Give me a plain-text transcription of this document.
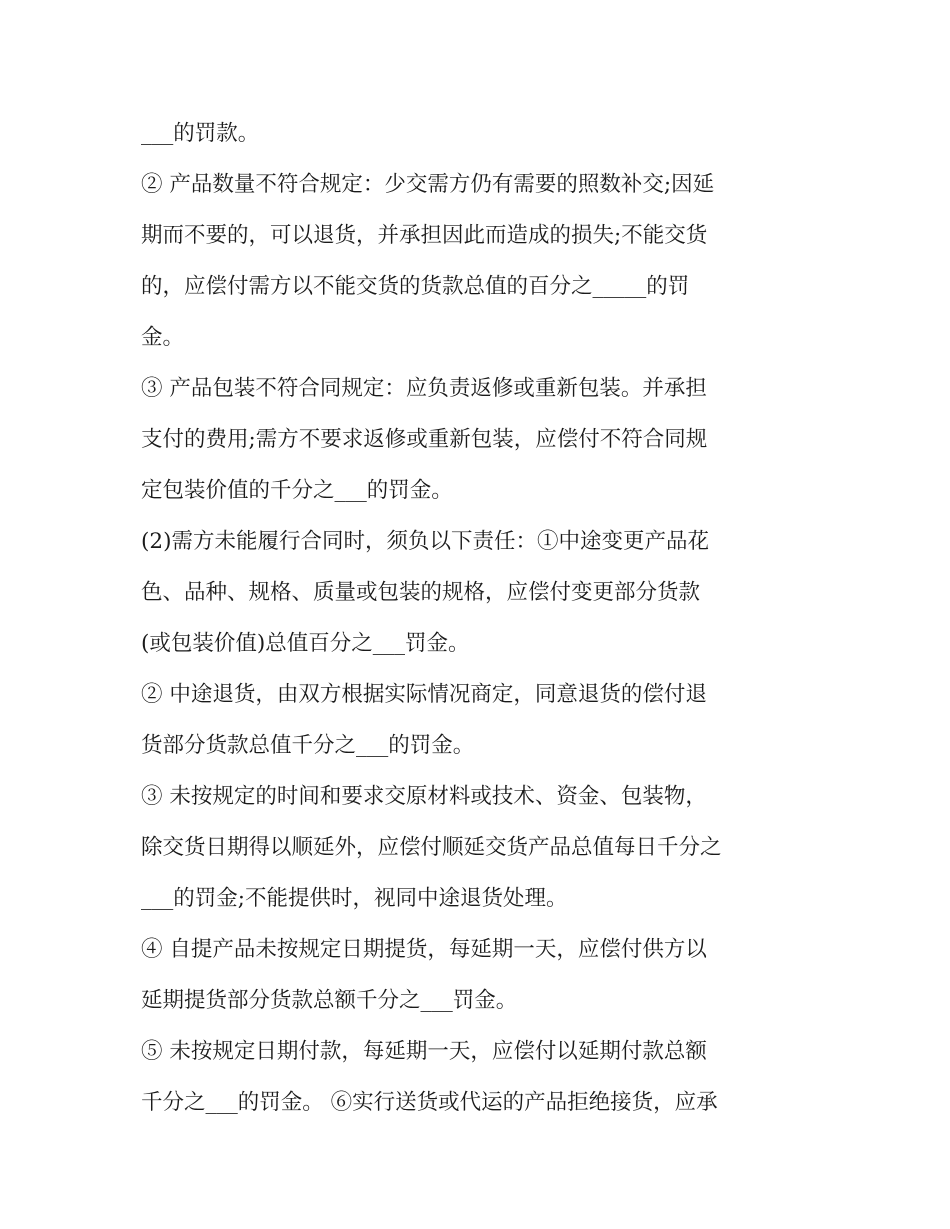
___的罚款。
② 产品数量不符合规定：少交需方仍有需要的照数补交;因延
期而不要的，可以退货，并承担因此而造成的损失;不能交货
的，应偿付需方以不能交货的货款总值的百分之_____的罚
金。
③ 产品包装不符合同规定：应负责返修或重新包装。并承担
支付的费用;需方不要求返修或重新包装，应偿付不符合同规
定包装价值的千分之___的罚金。
(2)需方未能履行合同时，须负以下责任：①中途变更产品花
色、品种、规格、质量或包装的规格，应偿付变更部分货款
(或包装价值)总值百分之___罚金。
② 中途退货，由双方根据实际情况商定，同意退货的偿付退
货部分货款总值千分之___的罚金。
③ 未按规定的时间和要求交原材料或技术、资金、包装物，
除交货日期得以顺延外，应偿付顺延交货产品总值每日千分之
___的罚金;不能提供时，视同中途退货处理。
④ 自提产品未按规定日期提货，每延期一天，应偿付供方以
延期提货部分货款总额千分之___罚金。
⑤ 未按规定日期付款，每延期一天，应偿付以延期付款总额
千分之___的罚金。 ⑥实行送货或代运的产品拒绝接货，应承
